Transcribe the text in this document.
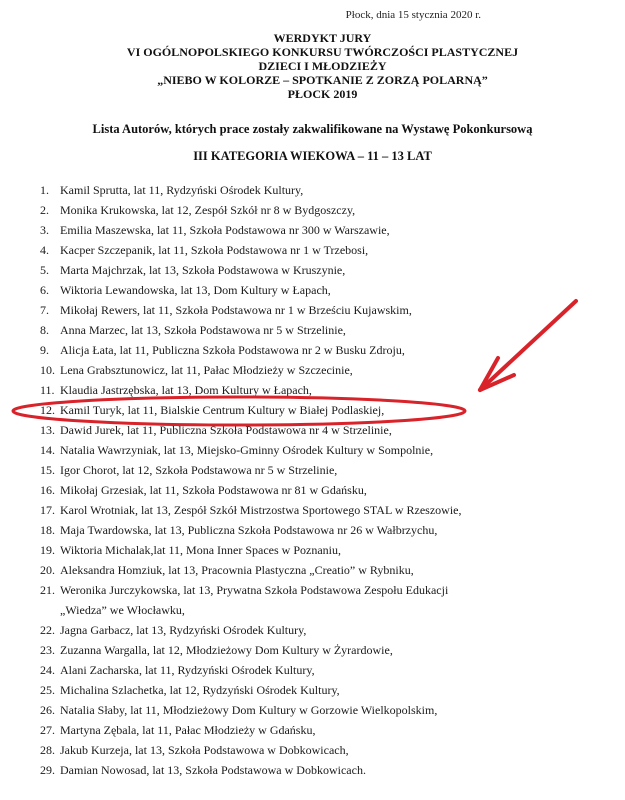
Płock, dnia 15 stycznia 2020 r.
WERDYKT JURY
VI OGÓLNOPOLSKIEGO KONKURSU TWÓRCZOŚCI PLASTYCZNEJ
DZIECI I MŁODZIEŻY
„NIEBO W KOLORZE – SPOTKANIE Z ZORZĄ POLARNĄ”
PŁOCK 2019
Lista Autorów, których prace zostały zakwalifikowane na Wystawę Pokonkursową
III KATEGORIA WIEKOWA – 11 – 13 LAT
1. Kamil Sprutta, lat 11, Rydzyński Ośrodek Kultury,
2. Monika Krukowska, lat 12, Zespół Szkół nr 8 w Bydgoszczy,
3. Emilia Maszewska, lat 11, Szkoła Podstawowa nr 300 w Warszawie,
4. Kacper Szczepanik, lat 11, Szkoła Podstawowa nr 1 w Trzebosi,
5. Marta Majchrzak, lat 13, Szkoła Podstawowa w Kruszynie,
6. Wiktoria Lewandowska, lat 13, Dom Kultury w Łapach,
7. Mikołaj Rewers, lat 11, Szkoła Podstawowa nr 1 w Brześciu Kujawskim,
8. Anna Marzec, lat 13, Szkoła Podstawowa nr 5 w Strzelinie,
9. Alicja Łata, lat 11, Publiczna Szkoła Podstawowa nr 2 w Busku Zdroju,
10. Lena Grabsztunowicz, lat 11, Pałac Młodzieży w Szczecinie,
11. Klaudia Jastrzębska, lat 13, Dom Kultury w Łapach,
12. Kamil Turyk, lat 11, Bialskie Centrum Kultury w Białej Podlaskiej,
13. Dawid Jurek, lat 11, Publiczna Szkoła Podstawowa nr 4 w Strzelinie,
14. Natalia Wawrzyniak, lat 13, Miejsko-Gminny Ośrodek Kultury w Sompolnie,
15. Igor Chorot, lat 12, Szkoła Podstawowa nr 5 w Strzelinie,
16. Mikołaj Grzesiak, lat 11, Szkoła Podstawowa nr 81 w Gdańsku,
17. Karol Wrotniak, lat 13, Zespół Szkół Mistrzostwa Sportowego STAL w Rzeszowie,
18. Maja Twardowska, lat 13, Publiczna Szkoła Podstawowa nr 26 w Wałbrzychu,
19. Wiktoria Michalak,lat 11, Mona Inner Spaces w Poznaniu,
20. Aleksandra Homziuk, lat 13, Pracownia Plastyczna „Creatio” w Rybniku,
21. Weronika Jurczykowska, lat 13, Prywatna Szkoła Podstawowa Zespołu Edukacji „Wiedza” we Włocławku,
22. Jagna Garbacz, lat 13, Rydzyński Ośrodek Kultury,
23. Zuzanna Wargalla, lat 12, Młodzieżowy Dom Kultury w Żyrardowie,
24. Alani Zacharska, lat 11, Rydzyński Ośrodek Kultury,
25. Michalina Szlachetka, lat 12, Rydzyński Ośrodek Kultury,
26. Natalia Słaby, lat 11, Młodzieżowy Dom Kultury w Gorzowie Wielkopolskim,
27. Martyna Zębala, lat 11, Pałac Młodzieży w Gdańsku,
28. Jakub Kurzeja, lat 13, Szkoła Podstawowa w Dobkowicach,
29. Damian Nowosad, lat 13, Szkoła Podstawowa w Dobkowicach.
